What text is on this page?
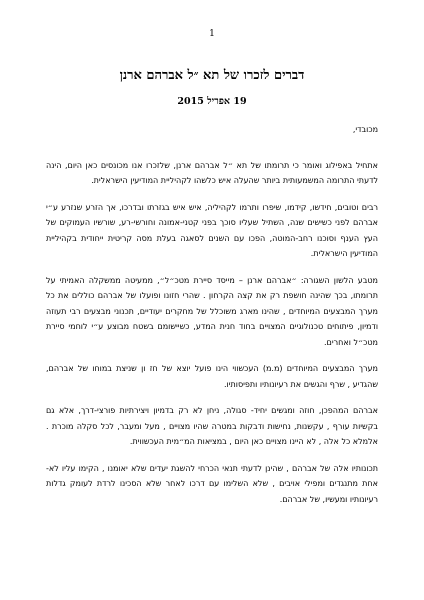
1
דברים לזכרו של תא ״ל אברהם ארנן
19 אפריל 2015

מכובדי,

אתחיל באפילוג ואומר כי תרומתו של תא ״ל אברהם ארנן, שלזכרו אנו מכונסים כאן היום, הינה לדעתי התרומה המשמעותית ביותר שהעלה איש כלשהו לקהיליית המודיעין הישראלית.

רבים וטובים, חידשו, קידמו, שיפרו ותרמו לקהיליה, איש איש בגזרתו ובדרכו, אך הזרע שנזרע ע״י אברהם לפני כשישים שנה, השתיל שעליו סוכך בפני קטני-אמונה וחורשי-רע, שורשיו העמוקים של העץ הענף וסוכנו רחב-המוטה, הפכו עם השנים לסאגה בעלת מסה קריטית ייחודית בקהיליית המודיעין הישראלית.

מטבע הלשון השגורה: ״אברהם ארנן – מייסד סיירת מטכ״ל״, ממעיטה ממשקלה האמיתי על תרומתו, בכך שהינה חושפת רק את קצה הקרחון . שהרי חזונו ופועלו של אברהם כוללים את כל מערך המבצעים המיוחדים , שהינו מארג משוכלל של מחקרים יעודיים, תכנוני מבצעים רבי תעוזה ודמיון, פיתוחים טכנולוגיים המצויים בחוד חנית המדע, כשיישומם בשטח מבוצע ע״י לוחמי סיירת מטכ״ל ואחרים.

מערך המבצעים המיוחדים (מ.מ) העכשווי הינו פועל יוצא של חז ון שניצת במוחו של אברהם, שהגדיע , שרף והגשים את רעיונותיו ותפיסותיו.

אברהם המהפכן, חוזה ומגשים יחיד- סגולה, ניחן לא רק בדמיון ויצירתיות פורצי-דרך, אלא גם בקשיות עורף , עקשנות, נחישות ודבקות במטרה שהיו מצויים , מעל ומעבר, לכל סקלה מוכרת . אלמלא כל אלה , לא היינו מצויים כאן היום , במציאות המ״מית העכשווית.

תכונותיו אלה של אברהם , שהינן לדעתי תנאי הכרחי להשגת יעדים שלא יאומנו , הקימו עליו לא- אחת מתנגדים ומפילי אויבים , שלא השלימו עם דרכו לאחר שלא הסכינו לרדת לעומק גדלות רעיונותיו ומעשיו, של אברהם.
